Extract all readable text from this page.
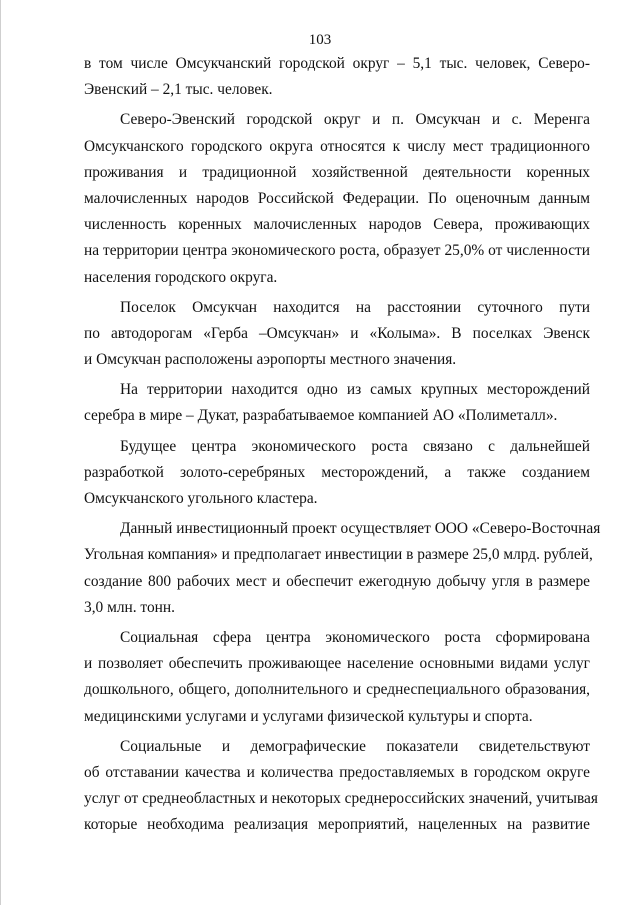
103
в том числе Омсукчанский городской округ – 5,1 тыс. человек, Северо-
Эвенский – 2,1 тыс. человек.
Северо-Эвенский городской округ и п. Омсукчан и с. Меренга
Омсукчанского городского округа относятся к числу мест традиционного
проживания и традиционной хозяйственной деятельности коренных
малочисленных народов Российской Федерации. По оценочным данным
численность коренных малочисленных народов Севера, проживающих
на территории центра экономического роста, образует 25,0% от численности
населения городского округа.
Поселок Омсукчан находится на расстоянии суточного пути
по автодорогам «Герба –Омсукчан» и «Колыма». В поселках Эвенск
и Омсукчан расположены аэропорты местного значения.
На территории находится одно из самых крупных месторождений
серебра в мире – Дукат, разрабатываемое компанией АО «Полиметалл».
Будущее центра экономического роста связано с дальнейшей
разработкой золото-серебряных месторождений, а также созданием
Омсукчанского угольного кластера.
Данный инвестиционный проект осуществляет ООО «Северо-Восточная
Угольная компания» и предполагает инвестиции в размере 25,0 млрд. рублей,
создание 800 рабочих мест и обеспечит ежегодную добычу угля в размере
3,0 млн. тонн.
Социальная сфера центра экономического роста сформирована
и позволяет обеспечить проживающее население основными видами услуг
дошкольного, общего, дополнительного и среднеспециального образования,
медицинскими услугами и услугами физической культуры и спорта.
Социальные и демографические показатели свидетельствуют
об отставании качества и количества предоставляемых в городском округе
услуг от среднеобластных и некоторых среднероссийских значений, учитывая
которые необходима реализация мероприятий, нацеленных на развитие
